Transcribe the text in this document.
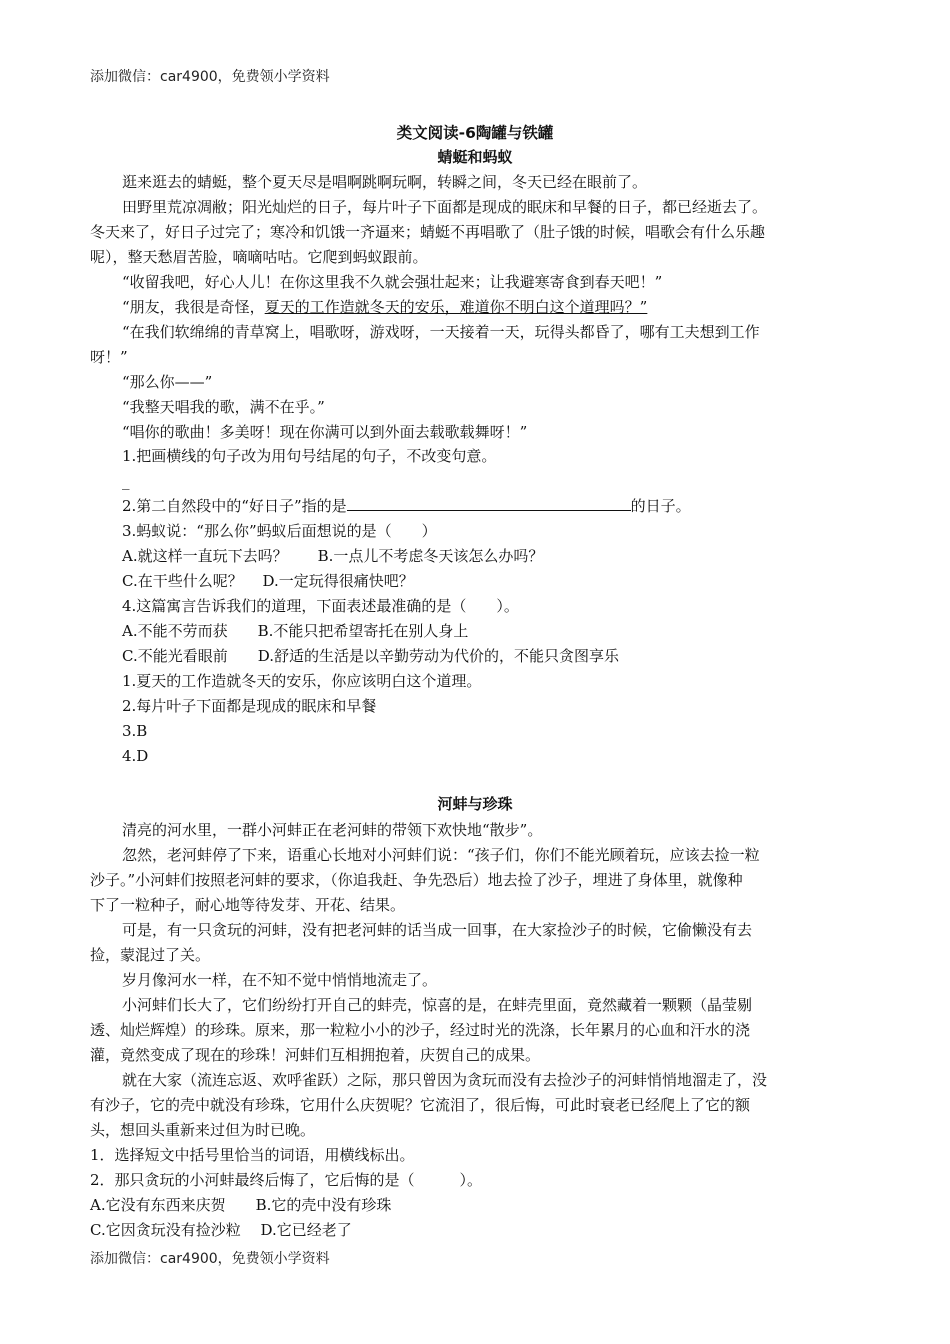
添加微信：car4900，免费领小学资料
类文阅读-6陶罐与铁罐
蜻蜓和蚂蚁
逛来逛去的蜻蜓，整个夏天尽是唱啊跳啊玩啊，转瞬之间，冬天已经在眼前了。
田野里荒凉凋敝；阳光灿烂的日子，每片叶子下面都是现成的眠床和早餐的日子，都已经逝去了。
冬天来了，好日子过完了；寒冷和饥饿一齐逼来；蜻蜓不再唱歌了（肚子饿的时候，唱歌会有什么乐趣
呢），整天愁眉苦脸，嘀嘀咕咕。它爬到蚂蚁跟前。
“收留我吧，好心人儿！在你这里我不久就会强壮起来；让我避寒寄食到春天吧！”
“朋友，我很是奇怪，夏天的工作造就冬天的安乐，难道你不明白这个道理吗？”
“在我们软绵绵的青草窝上，唱歌呀，游戏呀，一天接着一天，玩得头都昏了，哪有工夫想到工作
呀！”
“那么你——”
“我整天唱我的歌，满不在乎。”
“唱你的歌曲！多美呀！现在你满可以到外面去载歌载舞呀！”
1.把画横线的句子改为用句号结尾的句子，不改变句意。
_
2.第二自然段中的“好日子”指的是	的日子。
3.蚂蚁说：“那么你”蚂蚁后面想说的是（　　）
A.就这样一直玩下去吗？　　B.一点儿不考虑冬天该怎么办吗？
C.在干些什么呢？　 D.一定玩得很痛快吧？
4.这篇寓言告诉我们的道理，下面表述最准确的是（　　）。
A.不能不劳而获　　B.不能只把希望寄托在别人身上
C.不能光看眼前　　D.舒适的生活是以辛勤劳动为代价的，不能只贪图享乐
1.夏天的工作造就冬天的安乐，你应该明白这个道理。
2.每片叶子下面都是现成的眠床和早餐
3.B
4.D
河蚌与珍珠
清亮的河水里，一群小河蚌正在老河蚌的带领下欢快地“散步”。
忽然，老河蚌停了下来，语重心长地对小河蚌们说：“孩子们，你们不能光顾着玩，应该去捡一粒
沙子。”小河蚌们按照老河蚌的要求，（你追我赶、争先恐后）地去捡了沙子，埋进了身体里，就像种
下了一粒种子，耐心地等待发芽、开花、结果。
可是，有一只贪玩的河蚌，没有把老河蚌的话当成一回事，在大家捡沙子的时候，它偷懒没有去
捡，蒙混过了关。
岁月像河水一样，在不知不觉中悄悄地流走了。
小河蚌们长大了，它们纷纷打开自己的蚌壳，惊喜的是，在蚌壳里面，竟然藏着一颗颗（晶莹剔
透、灿烂辉煌）的珍珠。原来，那一粒粒小小的沙子，经过时光的洗涤，长年累月的心血和汗水的浇
灌，竟然变成了现在的珍珠！河蚌们互相拥抱着，庆贺自己的成果。
就在大家（流连忘返、欢呼雀跃）之际，那只曾因为贪玩而没有去捡沙子的河蚌悄悄地溜走了，没
有沙子，它的壳中就没有珍珠，它用什么庆贺呢？它流泪了，很后悔，可此时衰老已经爬上了它的额
头，想回头重新来过但为时已晚。
1．选择短文中括号里恰当的词语，用横线标出。
2．那只贪玩的小河蚌最终后悔了，它后悔的是（　　　）。
A.它没有东西来庆贺　　B.它的壳中没有珍珠
C.它因贪玩没有捡沙粒　 D.它已经老了
添加微信：car4900，免费领小学资料
